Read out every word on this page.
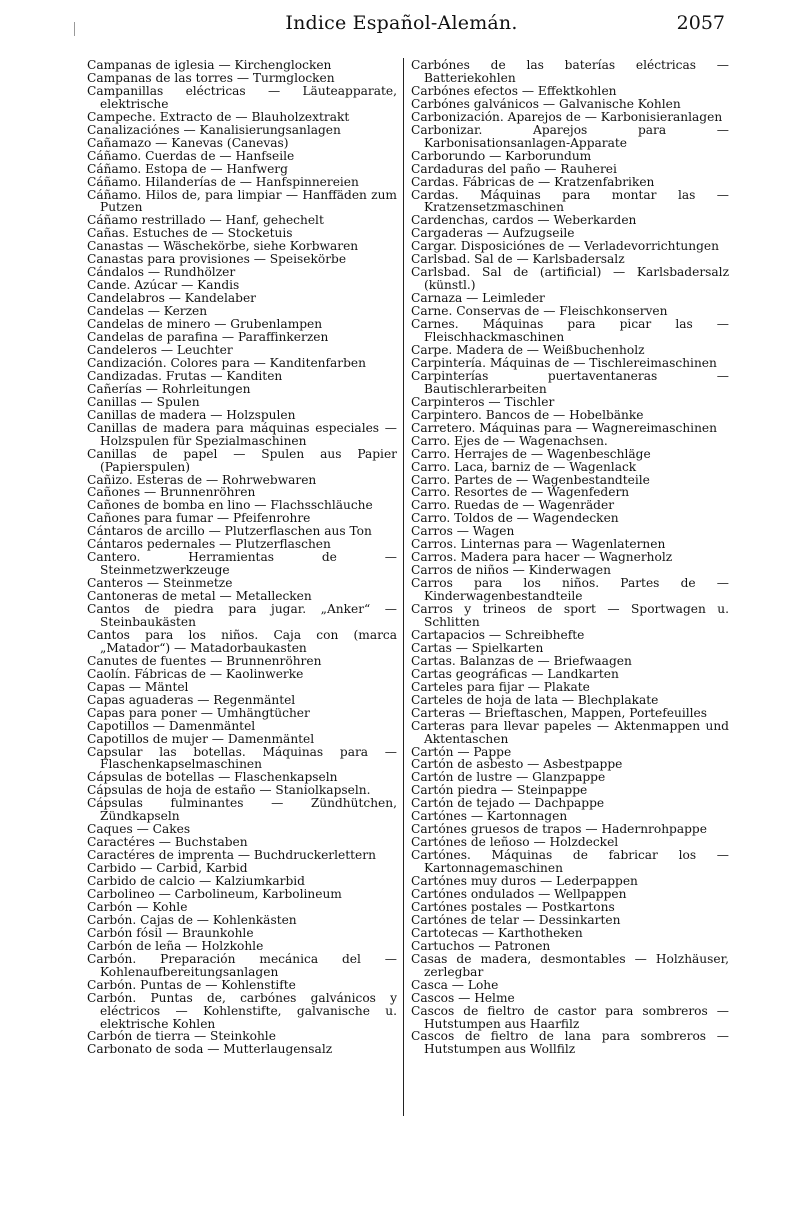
Indice Español-Alemán.	2057
Campanas de iglesia — Kirchenglocken
Campanas de las torres — Turmglocken
Campanillas eléctricas — Läuteapparate, elektrische
Campeche. Extracto de — Blauholzextrakt
Canalizaciónes — Kanalisierungsanlagen
Cañamazo — Kanevas (Canevas)
Cáñamo. Cuerdas de — Hanfseile
Cáñamo. Estopa de — Hanfwerg
Cáñamo. Hilanderías de — Hanfspinnereien
Cáñamo. Hilos de, para limpiar — Hanffäden zum Putzen
Cáñamo restrillado — Hanf, gehechelt
Cañas. Estuches de — Stocketuis
Canastas — Wäschekörbe, siehe Korbwaren
Canastas para provisiones — Speisekörbe
Cándalos — Rundhölzer
Cande. Azúcar — Kandis
Candelabros — Kandelaber
Candelas — Kerzen
Candelas de minero — Grubenlampen
Candelas de parafina — Paraffinkerzen
Candeleros — Leuchter
Candización. Colores para — Kanditenfarben
Candizadas. Frutas — Kanditen
Cañerías — Rohrleitungen
Canillas — Spulen
Canillas de madera — Holzspulen
Canillas de madera para máquinas especiales — Holzspulen für Spezialmaschinen
Canillas de papel — Spulen aus Papier (Papierspulen)
Cañizo. Esteras de — Rohrwebwaren
Cañones — Brunnenröhren
Cañones de bomba en lino — Flachsschläuche
Cañones para fumar — Pfeifenrohre
Cántaros de arcillo — Plutzerflaschen aus Ton
Cántaros pedernales — Plutzerflaschen
Cantero. Herramientas de — Steinmetzwerkzeuge
Canteros — Steinmetze
Cantoneras de metal — Metallecken
Cantos de piedra para jugar. „Anker“ — Steinbaukästen
Cantos para los niños. Caja con (marca „Matador“) — Matadorbaukasten
Canutes de fuentes — Brunnenröhren
Caolín. Fábricas de — Kaolinwerke
Capas — Mäntel
Capas aguaderas — Regenmäntel
Capas para poner — Umhängtücher
Capotillos — Damenmäntel
Capotillos de mujer — Damenmäntel
Capsular las botellas. Máquinas para — Flaschenkapselmaschinen
Cápsulas de botellas — Flaschenkapseln
Cápsulas de hoja de estaño — Staniolkapseln.
Cápsulas fulminantes — Zündhütchen, Zündkapseln
Caques — Cakes
Caractéres — Buchstaben
Caractéres de imprenta — Buchdruckerlettern
Carbido — Carbid, Karbid
Carbido de calcio — Kalziumkarbid
Carbolineo — Carbolineum, Karbolineum
Carbón — Kohle
Carbón. Cajas de — Kohlenkästen
Carbón fósil — Braunkohle
Carbón de leña — Holzkohle
Carbón. Preparación mecánica del — Kohlenaufbereitungsanlagen
Carbón. Puntas de — Kohlenstifte
Carbón. Puntas de, carbónes galvánicos y eléctricos — Kohlenstifte, galvanische u. elektrische Kohlen
Carbón de tierra — Steinkohle
Carbonato de soda — Mutterlaugensalz
Carbónes de las baterías eléctricas — Batteriekohlen
Carbónes efectos — Effektkohlen
Carbónes galvánicos — Galvanische Kohlen
Carbonización. Aparejos de — Karbonisieranlagen
Carbonizar. Aparejos para — Karbonisationsanlagen-Apparate
Carborundo — Karborundum
Cardaduras del paño — Rauherei
Cardas. Fábricas de — Kratzenfabriken
Cardas. Máquinas para montar las — Kratzensetzmaschinen
Cardenchas, cardos — Weberkarden
Cargaderas — Aufzugseile
Cargar. Disposiciónes de — Verladevorrichtungen
Carlsbad. Sal de — Karlsbadersalz
Carlsbad. Sal de (artificial) — Karlsbadersalz (künstl.)
Carnaza — Leimleder
Carne. Conservas de — Fleischkonserven
Carnes. Máquinas para picar las — Fleischhackmaschinen
Carpe. Madera de — Weißbuchenholz
Carpintería. Máquinas de — Tischlereimaschinen
Carpinterías puertaventaneras — Bautischlerarbeiten
Carpinteros — Tischler
Carpintero. Bancos de — Hobelbänke
Carretero. Máquinas para — Wagnereimaschinen
Carro. Ejes de — Wagenachsen.
Carro. Herrajes de — Wagenbeschläge
Carro. Laca, barniz de — Wagenlack
Carro. Partes de — Wagenbestandteile
Carro. Resortes de — Wagenfedern
Carro. Ruedas de — Wagenräder
Carro. Toldos de — Wagendecken
Carros — Wagen
Carros. Linternas para — Wagenlaternen
Carros. Madera para hacer — Wagnerholz
Carros de niños — Kinderwagen
Carros para los niños. Partes de — Kinderwagenbestandteile
Carros y trineos de sport — Sportwagen u. Schlitten
Cartapacios — Schreibhefte
Cartas — Spielkarten
Cartas. Balanzas de — Briefwaagen
Cartas geográficas — Landkarten
Carteles para fijar — Plakate
Carteles de hoja de lata — Blechplakate
Carteras — Brieftaschen, Mappen, Portefeuilles
Carteras para llevar papeles — Aktenmappen und Aktentaschen
Cartón — Pappe
Cartón de asbesto — Asbestpappe
Cartón de lustre — Glanzpappe
Cartón piedra — Steinpappe
Cartón de tejado — Dachpappe
Cartónes — Kartonnagen
Cartónes gruesos de trapos — Hadernrohpappe
Cartónes de leñoso — Holzdeckel
Cartónes. Máquinas de fabricar los — Kartonnagemaschinen
Cartónes muy duros — Lederpappen
Cartónes ondulados — Wellpappen
Cartónes postales — Postkartons
Cartónes de telar — Dessinkarten
Cartotecas — Karthotheken
Cartuchos — Patronen
Casas de madera, desmontables — Holzhäuser, zerlegbar
Casca — Lohe
Cascos — Helme
Cascos de fieltro de castor para sombreros — Hutstumpen aus Haarfilz
Cascos de fieltro de lana para sombreros — Hutstumpen aus Wollfilz
